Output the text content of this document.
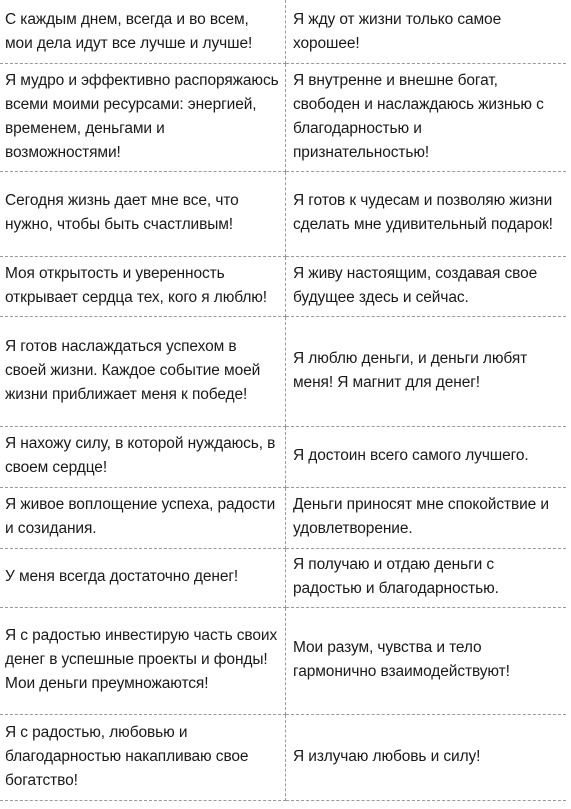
С каждым днем, всегда и во всем, мои дела идут все лучше и лучше!	Я жду от жизни только самое хорошее!
Я мудро и эффективно распоряжаюсь всеми моими ресурсами: энергией, временем, деньгами и возможностями!	Я внутренне и внешне богат, свободен и наслаждаюсь жизнью с благодарностью и признательностью!
Сегодня жизнь дает мне все, что нужно, чтобы быть счастливым!	Я готов к чудесам и позволяю жизни сделать мне удивительный подарок!
Моя открытость и уверенность открывает сердца тех, кого я люблю!	Я живу настоящим, создавая свое будущее здесь и сейчас.
Я готов наслаждаться успехом в своей жизни. Каждое событие моей жизни приближает меня к победе!	Я люблю деньги, и деньги любят меня! Я магнит для денег!
Я нахожу силу, в которой нуждаюсь, в своем сердце!	Я достоин всего самого лучшего.
Я живое воплощение успеха, радости и созидания.	Деньги приносят мне спокойствие и удовлетворение.
У меня всегда достаточно денег!	Я получаю и отдаю деньги с радостью и благодарностью.
Я с радостью инвестирую часть своих денег в успешные проекты и фонды! Мои деньги преумножаются!	Мои разум, чувства и тело гармонично взаимодействуют!
Я с радостью, любовью и благодарностью накапливаю свое богатство!	Я излучаю любовь и силу!
